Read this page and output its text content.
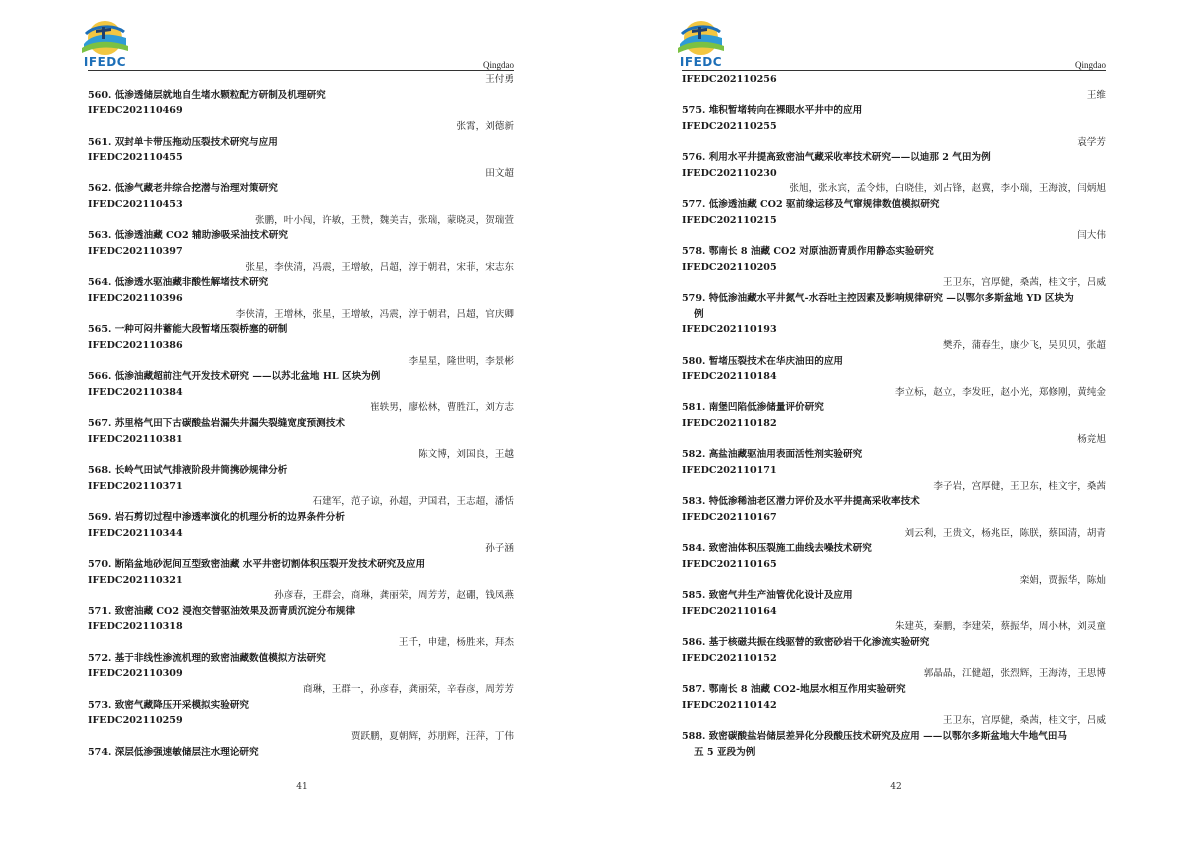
IFEDC	Qingdao
王付勇
560. 低渗透储层就地自生堵水颗粒配方研制及机理研究
IFEDC202110469
张霄，刘德新
561. 双封单卡带压拖动压裂技术研究与应用
IFEDC202110455
田文超
562. 低渗气藏老井综合挖潜与治理对策研究
IFEDC202110453
张鹏，叶小闯，许敏，王赞，魏美吉，张瑞，蒙晓灵，贺瑞萱
563. 低渗透油藏 CO2 辅助渗吸采油技术研究
IFEDC202110397
张星，李侠清，冯震，王增敏，吕超，淳于朝君，宋菲，宋志东
564. 低渗透水驱油藏非酸性解堵技术研究
IFEDC202110396
李侠清，王增林，张星，王增敏，冯震，淳于朝君，吕超，官庆卿
565. 一种可闷井蓄能大段暂堵压裂桥塞的研制
IFEDC202110386
李星星，隆世明，李景彬
566. 低渗油藏超前注气开发技术研究 ——以苏北盆地 HL 区块为例
IFEDC202110384
崔轶男，廖松林，曹胜江，刘方志
567. 苏里格气田下古碳酸盐岩漏失井漏失裂缝宽度预测技术
IFEDC202110381
陈文博，刘国良，王越
568. 长岭气田试气排液阶段井筒携砂规律分析
IFEDC202110371
石建军，范子谅，孙超，尹国君，王志超，潘恬
569. 岩石剪切过程中渗透率演化的机理分析的边界条件分析
IFEDC202110344
孙子涵
570. 断陷盆地砂泥间互型致密油藏 水平井密切割体积压裂开发技术研究及应用
IFEDC202110321
孙彦春，王群会，商琳，龚丽荣，周芳芳，赵硼，钱凤燕
571. 致密油藏 CO2 浸泡交替驱油效果及沥青质沉淀分布规律
IFEDC202110318
王千，申建，杨胜来，拜杰
572. 基于非线性渗流机理的致密油藏数值模拟方法研究
IFEDC202110309
商琳，王群一，孙彦春，龚丽荣，辛春彦，周芳芳
573. 致密气藏降压开采模拟实验研究
IFEDC202110259
贾跃鹏，夏朝辉，苏朋辉，汪萍，丁伟
574. 深层低渗强速敏储层注水理论研究
41
IFEDC	Qingdao
IFEDC202110256
王维
575. 堆积暂堵转向在裸眼水平井中的应用
IFEDC202110255
袁学芳
576. 利用水平井提高致密油气藏采收率技术研究——以迪那 2 气田为例
IFEDC202110230
张旭，张永宾，孟令炜，白晓佳，刘占锋，赵冀，李小瑞，王海波，闫炳旭
577. 低渗透油藏 CO2 驱前缘运移及气窜规律数值模拟研究
IFEDC202110215
闫大伟
578. 鄂南长 8 油藏 CO2 对原油沥青质作用静态实验研究
IFEDC202110205
王卫东，宫厚健，桑茜，桂文宇，吕威
579. 特低渗油藏水平井氮气-水吞吐主控因素及影响规律研究 —以鄂尔多斯盆地 YD 区块为
例
IFEDC202110193
樊乔，蒲春生，康少飞，吴贝贝，张超
580. 暂堵压裂技术在华庆油田的应用
IFEDC202110184
李立标，赵立，李发旺，赵小光，郑修刚，黄纯金
581. 南堡凹陷低渗储量评价研究
IFEDC202110182
杨竞旭
582. 高盐油藏驱油用表面活性剂实验研究
IFEDC202110171
李子岩，宫厚健，王卫东，桂文宇，桑茜
583. 特低渗稀油老区潜力评价及水平井提高采收率技术
IFEDC202110167
刘云利，王贵文，杨兆臣，陈朕，蔡国清，胡青
584. 致密油体积压裂施工曲线去噪技术研究
IFEDC202110165
栾娟，贾振华，陈灿
585. 致密气井生产油管优化设计及应用
IFEDC202110164
朱建英，秦鹏，李建荣，蔡振华，周小林，刘灵童
586. 基于核磁共振在线驱替的致密砂岩干化渗流实验研究
IFEDC202110152
郭晶晶，江健超，张烈辉，王海涛，王思博
587. 鄂南长 8 油藏 CO2-地层水相互作用实验研究
IFEDC202110142
王卫东，宫厚健，桑茜，桂文宇，吕威
588. 致密碳酸盐岩储层差异化分段酸压技术研究及应用 ——以鄂尔多斯盆地大牛地气田马
五 5 亚段为例
42
